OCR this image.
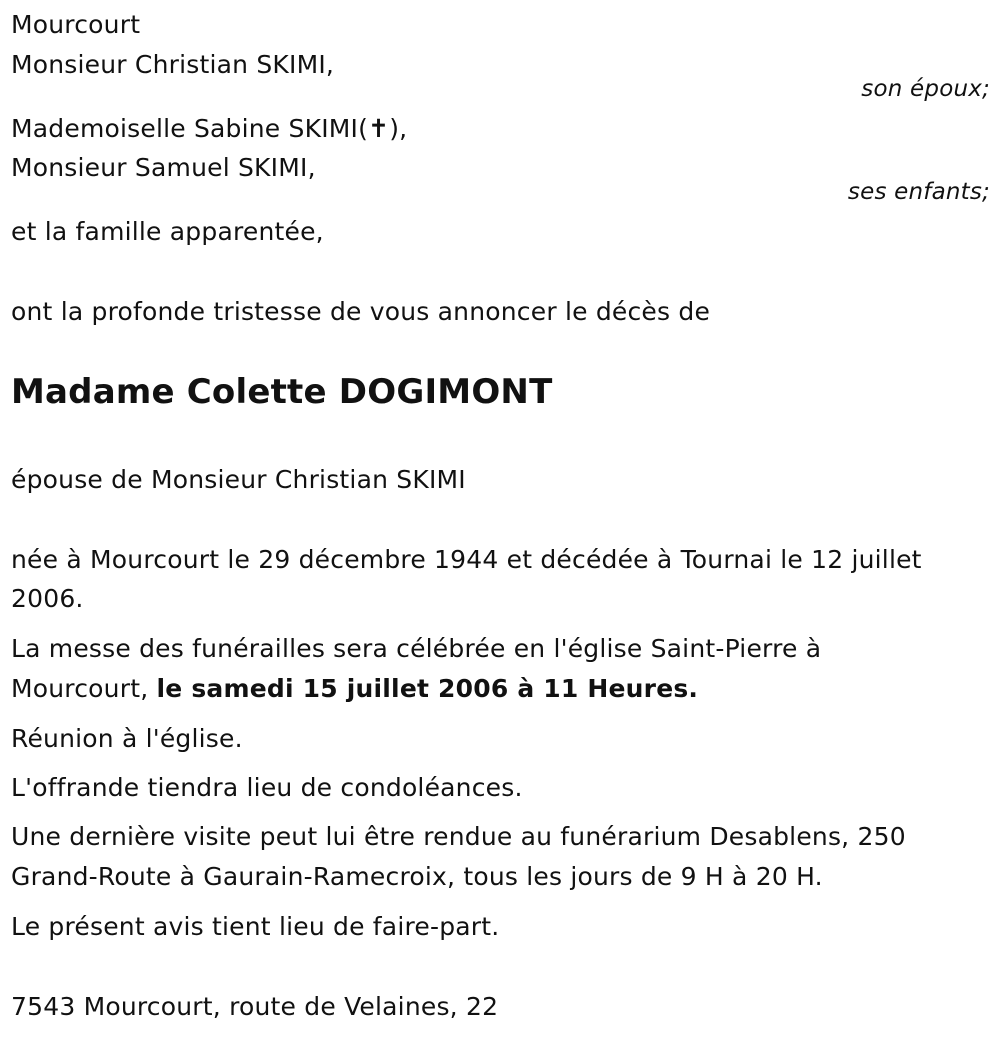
Mourcourt
Monsieur Christian SKIMI,
son époux;
Mademoiselle Sabine SKIMI(✝),
Monsieur Samuel SKIMI,
ses enfants;
et la famille apparentée,
ont la profonde tristesse de vous annoncer le décès de
Madame Colette DOGIMONT
épouse de Monsieur Christian SKIMI
née à Mourcourt le 29 décembre 1944 et décédée à Tournai le 12 juillet
2006.
La messe des funérailles sera célébrée en l'église Saint-Pierre à
Mourcourt, le samedi 15 juillet 2006 à 11 Heures.
Réunion à l'église.
L'offrande tiendra lieu de condoléances.
Une dernière visite peut lui être rendue au funérarium Desablens, 250
Grand-Route à Gaurain-Ramecroix, tous les jours de 9 H à 20 H.
Le présent avis tient lieu de faire-part.
7543 Mourcourt, route de Velaines, 22
